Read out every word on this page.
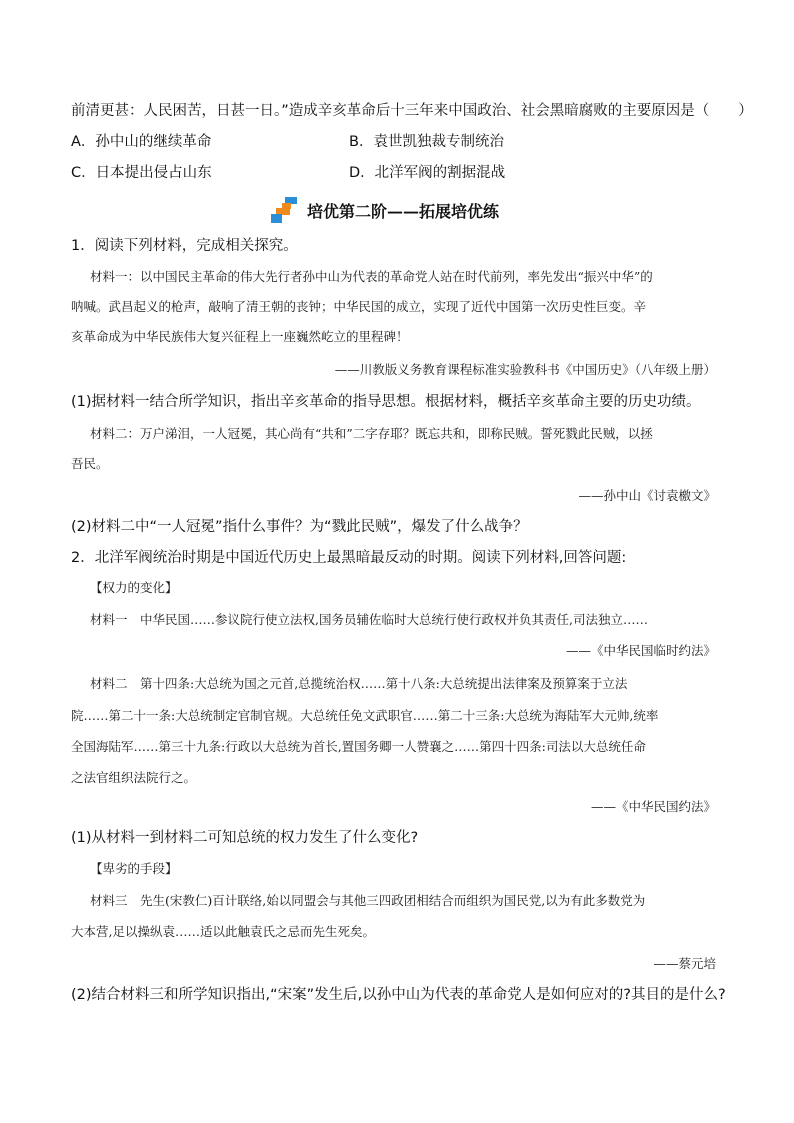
前清更甚：人民困苦，日甚一日。”造成辛亥革命后十三年来中国政治、社会黑暗腐败的主要原因是（　　）
A．孙中山的继续革命	B．袁世凯独裁专制统治
C．日本提出侵占山东	D．北洋军阀的割据混战
培优第二阶——拓展培优练
1．阅读下列材料，完成相关探究。
材料一：以中国民主革命的伟大先行者孙中山为代表的革命党人站在时代前列，率先发出“振兴中华”的
呐喊。武昌起义的枪声，敲响了清王朝的丧钟；中华民国的成立，实现了近代中国第一次历史性巨变。辛
亥革命成为中华民族伟大复兴征程上一座巍然屹立的里程碑！
——川教版义务教育课程标准实验教科书《中国历史》（八年级上册）
(1)据材料一结合所学知识，指出辛亥革命的指导思想。根据材料，概括辛亥革命主要的历史功绩。
材料二：万户涕泪，一人冠冕，其心尚有“共和”二字存耶？既忘共和，即称民贼。誓死戮此民贼，以拯
吾民。
——孙中山《讨袁檄文》
(2)材料二中“一人冠冕”指什么事件？为“戮此民贼”，爆发了什么战争？
2．北洋军阀统治时期是中国近代历史上最黑暗最反动的时期。阅读下列材料,回答问题:
【权力的变化】
材料一　中华民国……参议院行使立法权,国务员辅佐临时大总统行使行政权并负其责任,司法独立……
——《中华民国临时约法》
材料二　第十四条:大总统为国之元首,总揽统治权……第十八条:大总统提出法律案及预算案于立法
院……第二十一条:大总统制定官制官规。大总统任免文武职官……第二十三条:大总统为海陆军大元帅,统率
全国海陆军……第三十九条:行政以大总统为首长,置国务卿一人赞襄之……第四十四条:司法以大总统任命
之法官组织法院行之。
——《中华民国约法》
(1)从材料一到材料二可知总统的权力发生了什么变化?
【卑劣的手段】
材料三　先生(宋教仁)百计联络,始以同盟会与其他三四政团相结合而组织为国民党,以为有此多数党为
大本营,足以操纵袁……适以此触袁氏之忌而先生死矣。
——蔡元培
(2)结合材料三和所学知识指出,“宋案”发生后,以孙中山为代表的革命党人是如何应对的?其目的是什么?
